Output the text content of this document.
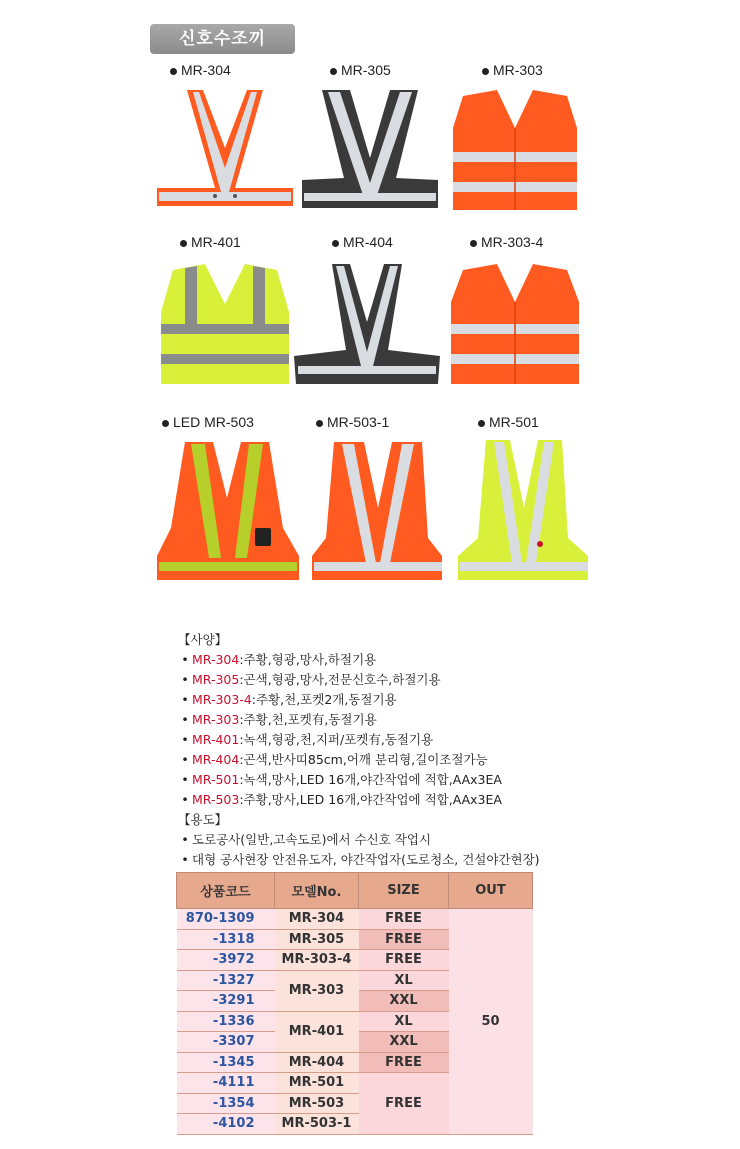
신호수조끼
MR-304	MR-305	MR-303
MR-401	MR-404	MR-303-4
LED MR-503	MR-503-1	MR-501
【사양】
• MR-304:주황,형광,망사,하절기용
• MR-305:곤색,형광,망사,전문신호수,하절기용
• MR-303-4:주황,천,포켓2개,동절기용
• MR-303:주황,천,포켓有,동절기용
• MR-401:녹색,형광,천,지퍼/포켓有,동절기용
• MR-404:곤색,반사띠85cm,어깨 분리형,길이조절가능
• MR-501:녹색,망사,LED 16개,야간작업에 적합,AAx3EA
• MR-503:주황,망사,LED 16개,야간작업에 적합,AAx3EA
【용도】
• 도로공사(일반,고속도로)에서 수신호 작업시
• 대형 공사현장 안전유도자, 야간작업자(도로청소, 건설야간현장)
상품코드	모델No.	SIZE	OUT
870-1309	MR-304	FREE	50
-1318	MR-305	FREE	
-3972	MR-303-4	FREE	
-1327	MR-303	XL	
-3291		XXL	
-1336	MR-401	XL	
-3307		XXL	
-1345	MR-404	FREE	
-4111	MR-501	FREE	
-1354	MR-503		
-4102	MR-503-1		
